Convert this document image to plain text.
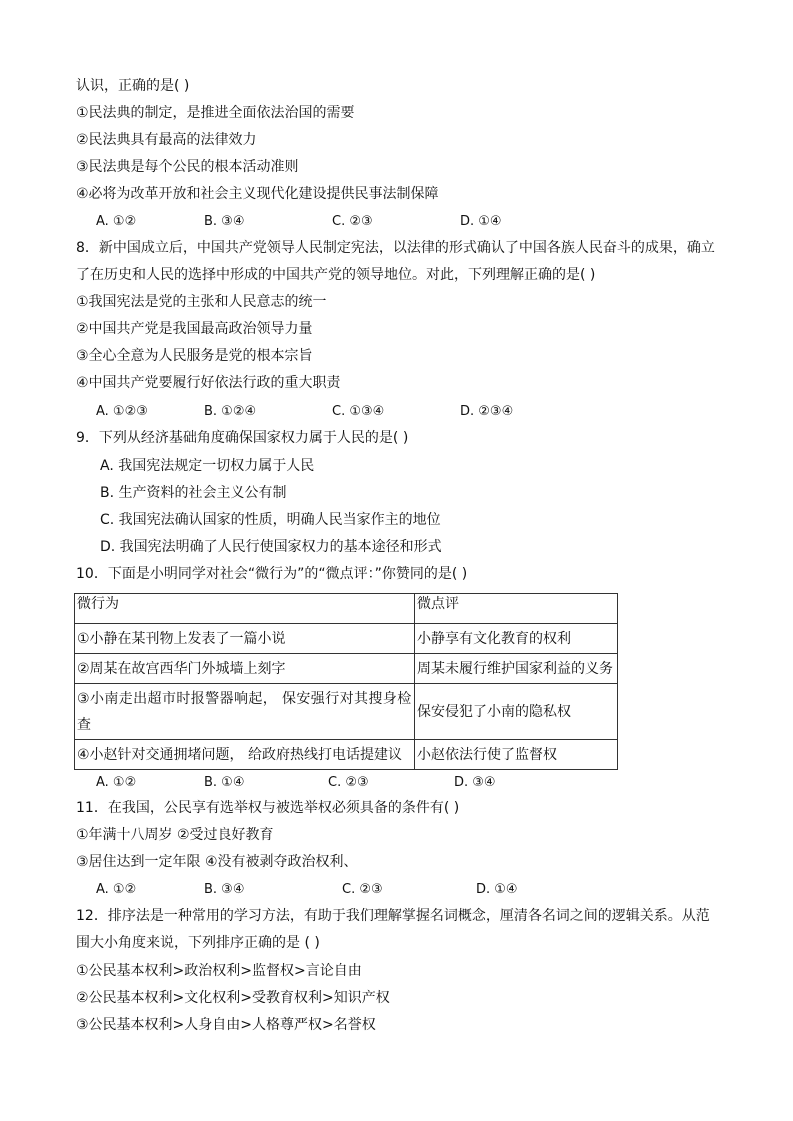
认识，正确的是( )
①民法典的制定，是推进全面依法治国的需要
②民法典具有最高的法律效力
③民法典是每个公民的根本活动准则
④必将为改革开放和社会主义现代化建设提供民事法制保障
A. ①②	B. ③④	C. ②③	D. ①④
8．新中国成立后，中国共产党领导人民制定宪法，以法律的形式确认了中国各族人民奋斗的成果，确立
了在历史和人民的选择中形成的中国共产党的领导地位。对此，下列理解正确的是( )
①我国宪法是党的主张和人民意志的统一
②中国共产党是我国最高政治领导力量
③全心全意为人民服务是党的根本宗旨
④中国共产党要履行好依法行政的重大职责
A. ①②③	B. ①②④	C. ①③④	D. ②③④
9．下列从经济基础角度确保国家权力属于人民的是( )
A. 我国宪法规定一切权力属于人民
B. 生产资料的社会主义公有制
C. 我国宪法确认国家的性质，明确人民当家作主的地位
D. 我国宪法明确了人民行使国家权力的基本途径和形式
10．下面是小明同学对社会“微行为”的“微点评：”你赞同的是( )
微行为	微点评
①小静在某刊物上发表了一篇小说	小静享有文化教育的权利
②周某在故宫西华门外城墙上刻字	周某未履行维护国家利益的义务
③小南走出超市时报警器响起， 保安强行对其搜身检查	保安侵犯了小南的隐私权
④小赵针对交通拥堵问题， 给政府热线打电话提建议	小赵依法行使了监督权
A. ①②	B. ①④	C. ②③	D. ③④
11．在我国，公民享有选举权与被选举权必须具备的条件有( )
①年满十八周岁 ②受过良好教育
③居住达到一定年限 ④没有被剥夺政治权利、
A. ①②	B. ③④	C. ②③	D. ①④
12．排序法是一种常用的学习方法，有助于我们理解掌握名词概念，厘清各名词之间的逻辑关系。从范
围大小角度来说，下列排序正确的是 ( )
①公民基本权利>政治权利>监督权>言论自由
②公民基本权利>文化权利>受教育权利>知识产权
③公民基本权利>人身自由>人格尊严权>名誉权
